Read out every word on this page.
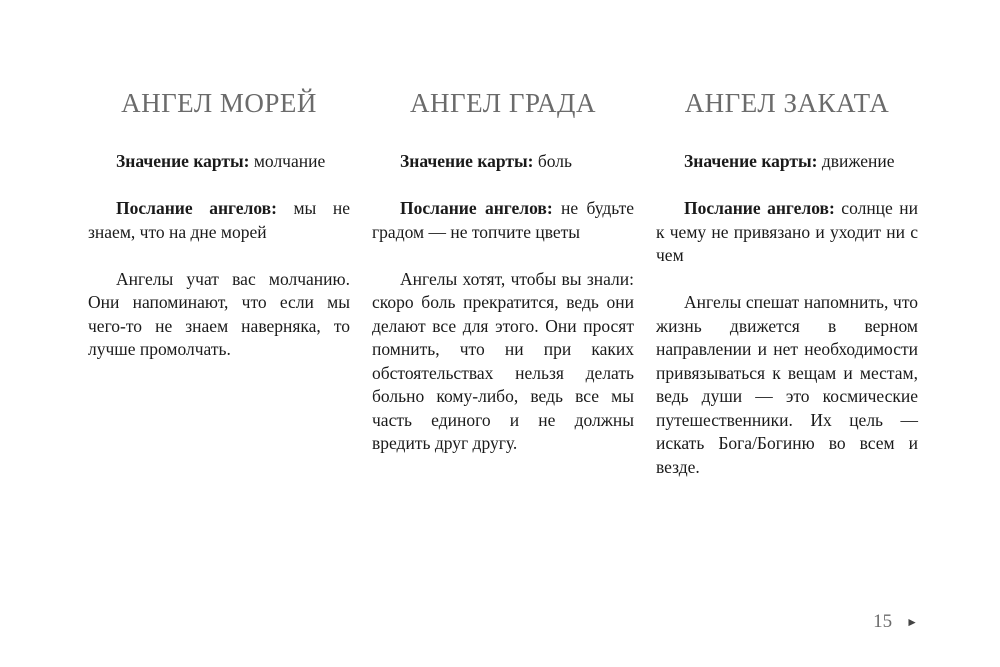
АНГЕЛ МОРЕЙ

Значение карты: молчание

Послание ангелов: мы не знаем, что на дне морей

Ангелы учат вас молчанию. Они напоминают, что если мы чего-то не знаем наверняка, то лучше промолчать.

АНГЕЛ ГРАДА

Значение карты: боль

Послание ангелов: не будьте градом — не топчите цветы

Ангелы хотят, чтобы вы знали: скоро боль прекратится, ведь они делают все для этого. Они просят помнить, что ни при каких обстоятельствах нельзя делать больно кому-либо, ведь все мы часть единого и не должны вредить друг другу.

АНГЕЛ ЗАКАТА

Значение карты: движение

Послание ангелов: солнце ни к чему не привязано и уходит ни с чем

Ангелы спешат напомнить, что жизнь движется в верном направлении и нет необходимости привязываться к вещам и местам, ведь души — это космические путешественники. Их цель — искать Бога/Богиню во всем и везде.

15 ►
